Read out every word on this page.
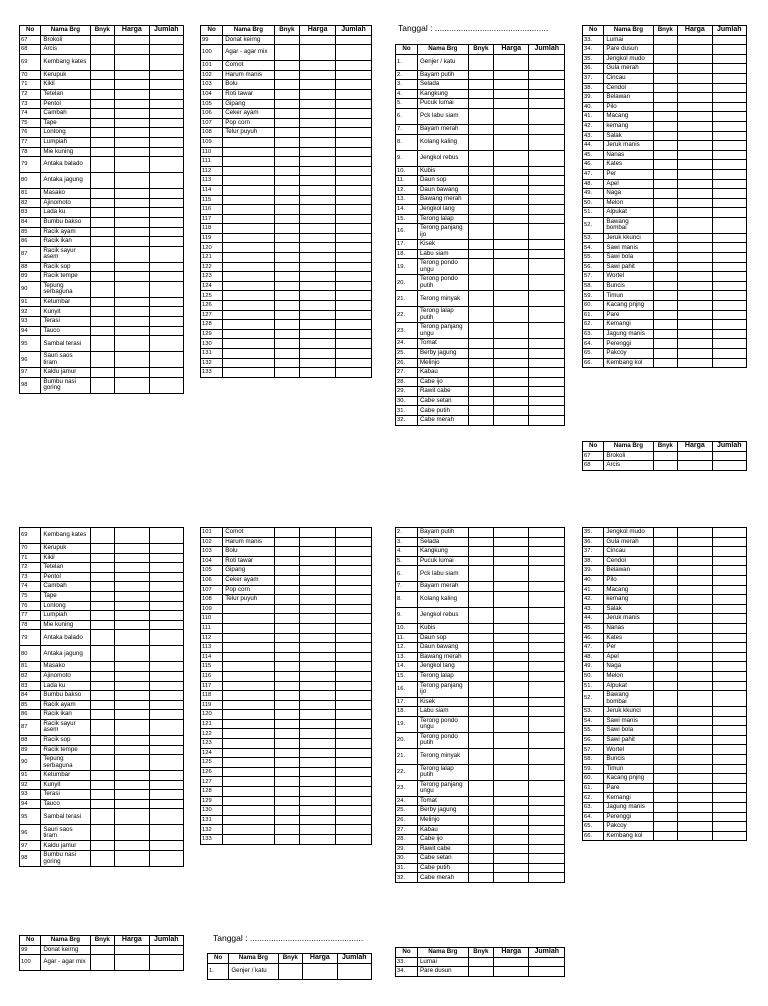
No	Nama Brg	Bnyk	Harga	Jumlah
67	Brokoli			
68	Arcis			
69	Kembang kates			
70	Kerupuk			
71	Kikil			
72	Tetelan			
73	Pentol			
74	Cambah			
75	Tape			
76	Lontong			
77	Lumpiah			
78	Mie kuning			
79	Antaka balado			
80	Antaka jagung			
81	Masako			
82	Ajinomoto			
83	Lada ku			
84	Bumbu bakso			
85	Racik ayam			
86	Racik ikan			
87	Racik sayur asem			
88	Racik sop			
89	Racik tempe			
90	Tepung serbaguna			
91	Ketumbar			
92	Kunyit			
93	Terasi			
94	Tauco			
95	Sambal terasi			
96	Sauri saos tiram			
97	Kaldu jamur			
98	Bumbu nasi goring			
No	Nama Brg	Bnyk	Harga	Jumlah
99	Donat keirng			
100	Agar - agar mix			
101	Comot			
102	Harum manis			
103	Bolu			
104	Roti tawar			
105	Gipang			
106	Ceker ayam			
107	Pop corn			
108	Telur puyuh			
109				
110				
111				
112				
113				
114				
115				
116				
117				
118				
119				
120				
121				
122				
123				
124				
125				
126				
127				
128				
129				
130				
131				
132				
133				
Tanggal : ................................................
No	Nama Brg	Bnyk	Harga	Jumlah
1.	Genjer / katu			
2.	Bayam putih			
3.	Selada			
4.	Kangkung			
5.	Pucuk lumai			
6.	Pck labu siam			
7.	Bayam merah			
8.	Kolang kaling			
9.	Jengkol rebus			
10.	Kubis			
11.	Daun sop			
12.	Daun bawang			
13.	Bawang merah			
14.	Jengkol lang			
15.	Terong lalap			
16.	Terong panjang ijo			
17.	Kisek			
18.	Labu siam			
19.	Terong pondo ungu			
20.	Terong pondo putih			
21.	Terong minyak			
22.	Terong lalap putih			
23.	Terong panjang ungu			
24.	Tomat			
25.	Berby jagung			
26.	Melinjo			
27.	Kabau			
28.	Cabe ijo			
29.	Rawit cabe			
30.	Cabe setan			
31.	Cabe putih			
32.	Cabe merah			
No	Nama Brg	Bnyk	Harga	Jumlah
33.	Lumai			
34.	Pare dusun			
35.	Jengkol mudo			
36.	Gula merah			
37.	Cincau			
38.	Cendol			
39.	Belawan			
40.	Pilo			
41.	Macang			
42.	kemang			
43.	Salak			
44.	Jeruk manis			
45.	Nanas			
46.	Kates			
47.	Per			
48.	Apel			
49.	Naga			
50.	Melon			
51.	Alpukat			
52.	Bawang bombai			
53.	Jeruk kkunci			
54.	Sawi manis			
55.	Sawi bola			
56.	Sawi pahit			
57.	Wortel			
58.	Buncis			
59.	Timun			
60.	Kacang pnjng			
61.	Pare			
62.	Kemangi			
63.	Jagung manis			
64.	Perenggi			
65.	Pakcoy			
66.	Kembang kol			
No	Nama Brg	Bnyk	Harga	Jumlah
67	Brokoli			
68	Arcis			
69	Kembang kates			
70	Kerupuk			
71	Kikil			
72	Tetelan			
73	Pentol			
74	Cambah			
75	Tape			
76	Lontong			
77	Lumpiah			
78	Mie kuning			
79	Antaka balado			
80	Antaka jagung			
81	Masako			
82	Ajinomoto			
83	Lada ku			
84	Bumbu bakso			
85	Racik ayam			
86	Racik ikan			
87	Racik sayur asem			
88	Racik sop			
89	Racik tempe			
90	Tepung serbaguna			
91	Ketumbar			
92	Kunyit			
93	Terasi			
94	Tauco			
95	Sambal terasi			
96	Sauri saos tiram			
97	Kaldu jamur			
98	Bumbu nasi goring			
101	Comot			
102	Harum manis			
103	Bolu			
104	Roti tawar			
105	Gipang			
106	Ceker ayam			
107	Pop corn			
108	Telur puyuh			
109				
110				
111				
112				
113				
114				
115				
116				
117				
118				
119				
120				
121				
122				
123				
124				
125				
126				
127				
128				
129				
130				
131				
132				
133				
2.	Bayam putih			
3.	Selada			
4.	Kangkung			
5.	Pucuk lumai			
6.	Pck labu siam			
7.	Bayam merah			
8.	Kolang kaling			
9.	Jengkol rebus			
10.	Kubis			
11.	Daun sop			
12.	Daun bawang			
13.	Bawang merah			
14.	Jengkol lang			
15.	Terong lalap			
16.	Terong panjang ijo			
17.	Kisek			
18.	Labu siam			
19.	Terong pondo ungu			
20.	Terong pondo putih			
21.	Terong minyak			
22.	Terong lalap putih			
23.	Terong panjang ungu			
24.	Tomat			
25.	Berby jagung			
26.	Melinjo			
27.	Kabau			
28.	Cabe ijo			
29.	Rawit cabe			
30.	Cabe setan			
31.	Cabe putih			
32.	Cabe merah			
35.	Jengkol mudo			
36.	Gula merah			
37.	Cincau			
38.	Cendol			
39.	Belawan			
40.	Pilo			
41.	Macang			
42.	kemang			
43.	Salak			
44.	Jeruk manis			
45.	Nanas			
46.	Kates			
47.	Per			
48.	Apel			
49.	Naga			
50.	Melon			
51.	Alpukat			
52.	Bawang bombai			
53.	Jeruk kkunci			
54.	Sawi manis			
55.	Sawi bola			
56.	Sawi pahit			
57.	Wortel			
58.	Buncis			
59.	Timun			
60.	Kacang pnjng			
61.	Pare			
62.	Kemangi			
63.	Jagung manis			
64.	Perenggi			
65.	Pakcoy			
66.	Kembang kol			
No	Nama Brg	Bnyk	Harga	Jumlah
99	Donat keirng			
100	Agar - agar mix			
Tanggal : ................................................
No	Nama Brg	Bnyk	Harga	Jumlah
1.	Genjer / katu			
No	Nama Brg	Bnyk	Harga	Jumlah
33.	Lumai			
34.	Pare dusun			
